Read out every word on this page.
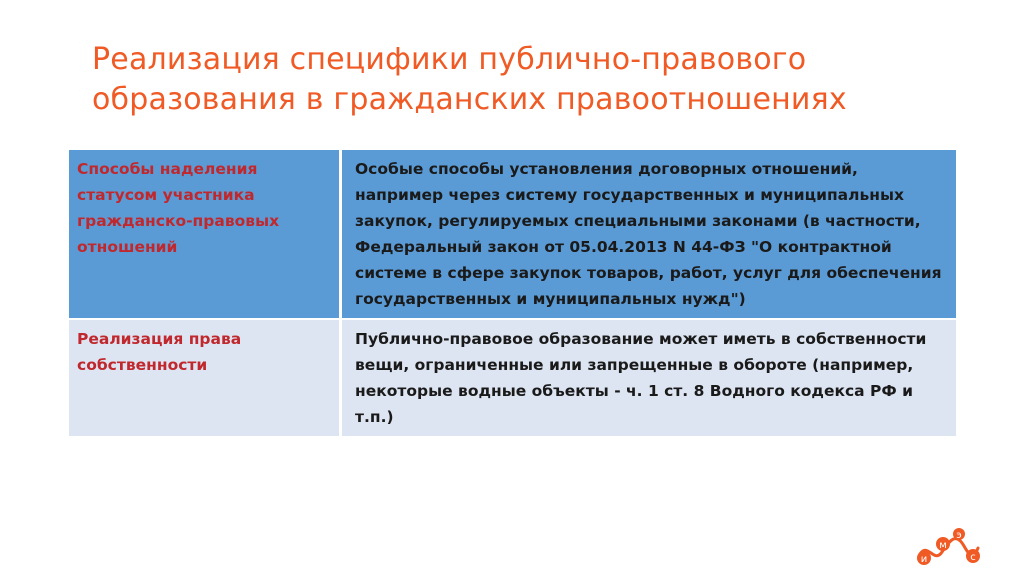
Реализация специфики публично-правового
образования в гражданских правоотношениях
Способы наделения статусом участника гражданско-правовых отношений	Особые способы установления договорных отношений, например через систему государственных и муниципальных закупок, регулируемых специальными законами (в частности, Федеральный закон от 05.04.2013 N 44-ФЗ "О контрактной системе в сфере закупок товаров, работ, услуг для обеспечения государственных и муниципальных нужд")
Реализация права собственности	Публично-правовое образование может иметь в собственности вещи, ограниченные или запрещенные в обороте (например, некоторые водные объекты - ч. 1 ст. 8 Водного кодекса РФ и т.п.)
и
м
э
с
